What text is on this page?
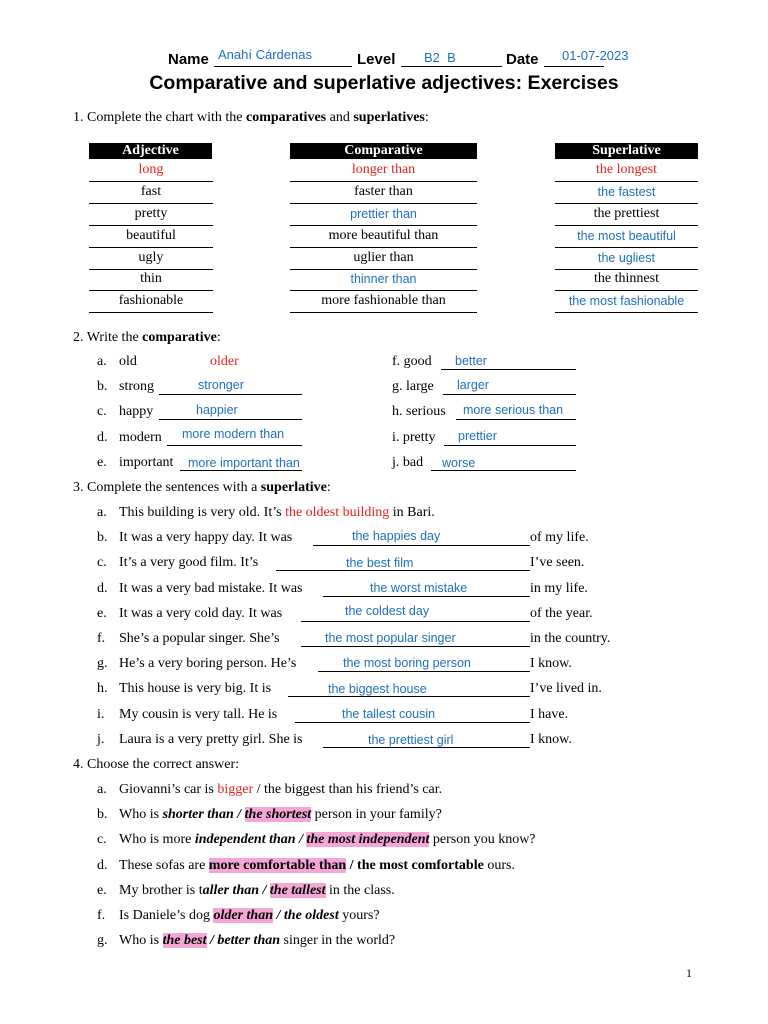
Name Anahí Cárdenas	Level B2  B	Date 01-07-2023
Comparative and superlative adjectives: Exercises
1. Complete the chart with the comparatives and superlatives:
Adjective	Comparative	Superlative
long	longer than	the longest
fast	faster than	the fastest
pretty	prettier than	the prettiest
beautiful	more beautiful than	the most beautiful
ugly	uglier than	the ugliest
thin	thinner than	the thinnest
fashionable	more fashionable than	the most fashionable
2. Write the comparative:
a. old	older
b. strong	stronger
c. happy	happier
d. modern more modern than
e. important more important than
f. good better
g. large larger
h. serious more serious than
i. pretty prettier
j. bad worse
3. Complete the sentences with a superlative:
a. This building is very old. It’s the oldest building in Bari.
b. It was a very happy day. It was	the happies day	of my life.
c. It’s a very good film. It’s	the best film	I’ve seen.
d. It was a very bad mistake. It was	the worst mistake	in my life.
e. It was a very cold day. It was	the coldest day	of the year.
f. She’s a popular singer. She’s	the most popular singer	in the country.
g. He’s a very boring person. He’s	the most boring person	I know.
h. This house is very big. It is	the biggest house	I’ve lived in.
i. My cousin is very tall. He is	the tallest cousin	I have.
j. Laura is a very pretty girl. She is	the prettiest girl	I know.
4. Choose the correct answer:
a. Giovanni’s car is bigger / the biggest than his friend’s car.
b. Who is shorter than / the shortest person in your family?
c. Who is more independent than / the most independent person you know?
d. These sofas are more comfortable than / the most comfortable ours.
e. My brother is taller than / the tallest in the class.
f. Is Daniele’s dog older than / the oldest yours?
g. Who is the best / better than singer in the world?
1
